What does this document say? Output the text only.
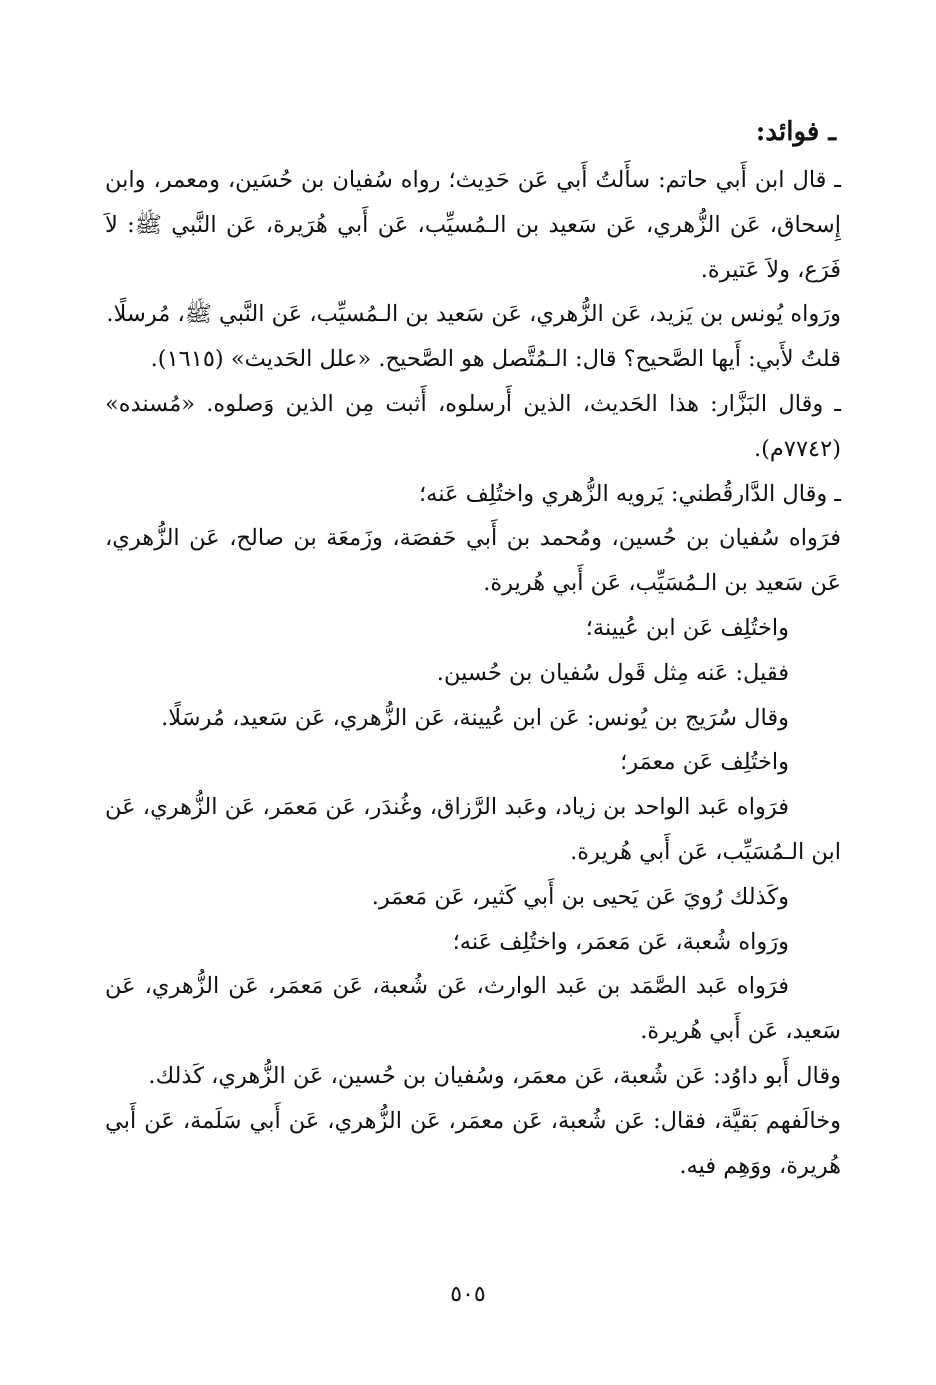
ـ فوائد:

ـ قال ابن أَبي حاتم: سأَلتُ أَبي عَن حَدِيث؛ رواه سُفيان بن حُسَين، ومعمر، وابن إِسحاق، عَن الزُّهري، عَن سَعيد بن الـمُسيِّب، عَن أَبي هُرَيرة، عَن النَّبي ﷺ: لاَ فَرَع، ولاَ عَتيرة.

ورَواه يُونس بن يَزيد، عَن الزُّهري، عَن سَعيد بن الـمُسيِّب، عَن النَّبي ﷺ، مُرسلًا.

قلتُ لأَبي: أَيها الصَّحيح؟ قال: الـمُتَّصل هو الصَّحيح. «علل الحَديث» (١٦١٥).

ـ وقال البَزَّار: هذا الحَديث، الذين أَرسلوه، أَثبت مِن الذين وَصلوه. «مُسنده» (٧٧٤٢م).

ـ وقال الدَّارقُطني: يَرويه الزُّهري واختُلِف عَنه؛

فرَواه سُفيان بن حُسين، ومُحمد بن أَبي حَفصَة، وزَمعَة بن صالح، عَن الزُّهري، عَن سَعيد بن الـمُسَيِّب، عَن أَبي هُريرة.

واختُلِف عَن ابن عُيينة؛

فقيل: عَنه مِثل قَول سُفيان بن حُسين.

وقال سُرَيج بن يُونس: عَن ابن عُيينة، عَن الزُّهري، عَن سَعيد، مُرسَلًا.

واختُلِف عَن معمَر؛

فرَواه عَبد الواحد بن زياد، وعَبد الرَّزاق، وغُندَر، عَن مَعمَر، عَن الزُّهري، عَن ابن الـمُسَيِّب، عَن أَبي هُريرة.

وكَذلك رُويَ عَن يَحيى بن أَبي كَثير، عَن مَعمَر.

ورَواه شُعبة، عَن مَعمَر، واختُلِف عَنه؛

فرَواه عَبد الصَّمَد بن عَبد الوارث، عَن شُعبة، عَن مَعمَر، عَن الزُّهري، عَن سَعيد، عَن أَبي هُريرة.

وقال أَبو داوُد: عَن شُعبة، عَن معمَر، وسُفيان بن حُسين، عَن الزُّهري، كَذلك.

وخالَفهم بَقيَّة، فقال: عَن شُعبة، عَن معمَر، عَن الزُّهري، عَن أَبي سَلَمة، عَن أَبي هُريرة، ووَهِم فيه.

٥٠٥
